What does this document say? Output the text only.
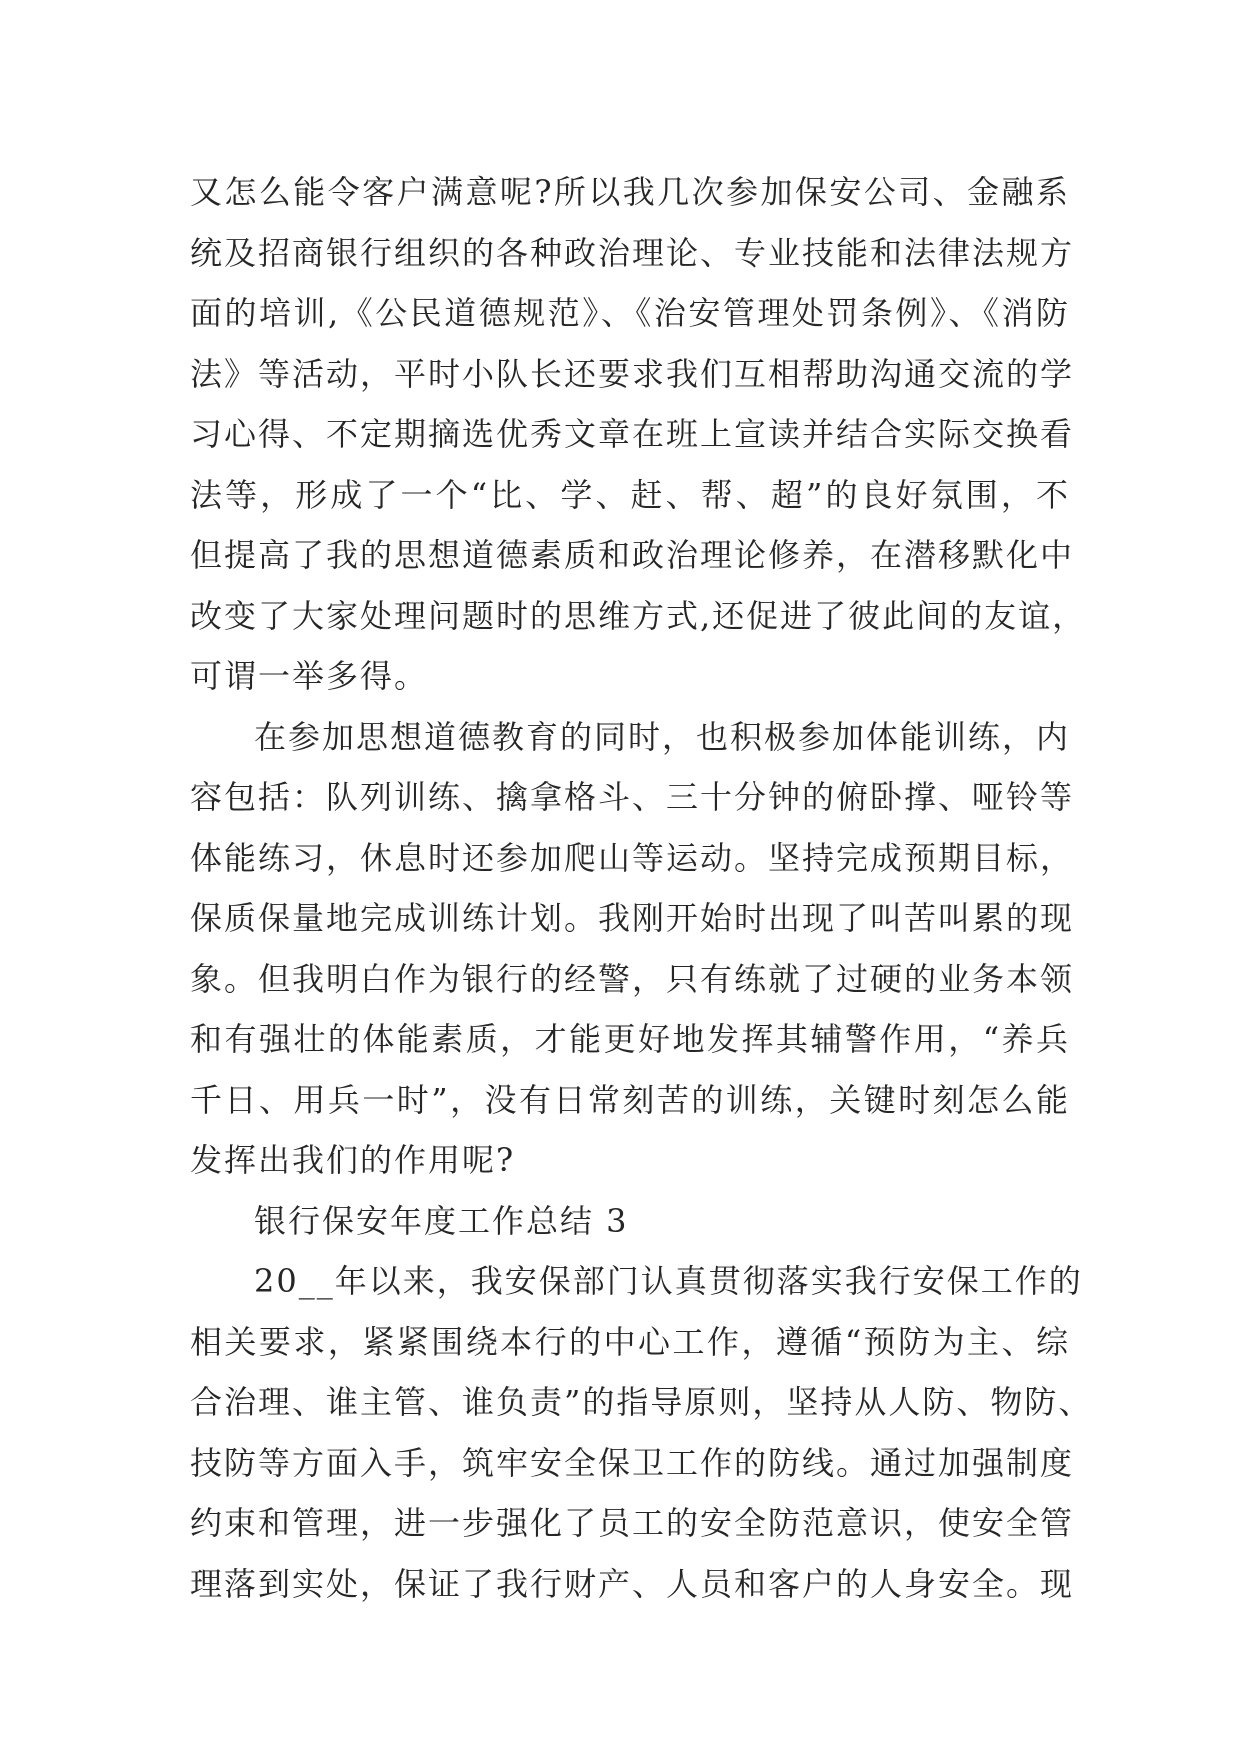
又怎么能令客户满意呢?所以我几次参加保安公司、金融系
统及招商银行组织的各种政治理论、专业技能和法律法规方
面的培训,《公民道德规范》、《治安管理处罚条例》、《消防
法》等活动，平时小队长还要求我们互相帮助沟通交流的学
习心得、不定期摘选优秀文章在班上宣读并结合实际交换看
法等，形成了一个“比、学、赶、帮、超”的良好氛围，不
但提高了我的思想道德素质和政治理论修养，在潜移默化中
改变了大家处理问题时的思维方式,还促进了彼此间的友谊，
可谓一举多得。
在参加思想道德教育的同时，也积极参加体能训练，内
容包括：队列训练、擒拿格斗、三十分钟的俯卧撑、哑铃等
体能练习，休息时还参加爬山等运动。坚持完成预期目标，
保质保量地完成训练计划。我刚开始时出现了叫苦叫累的现
象。但我明白作为银行的经警，只有练就了过硬的业务本领
和有强壮的体能素质，才能更好地发挥其辅警作用，“养兵
千日、用兵一时”，没有日常刻苦的训练，关键时刻怎么能
发挥出我们的作用呢?
银行保安年度工作总结 3
20__年以来，我安保部门认真贯彻落实我行安保工作的
相关要求，紧紧围绕本行的中心工作，遵循“预防为主、综
合治理、谁主管、谁负责”的指导原则，坚持从人防、物防、
技防等方面入手，筑牢安全保卫工作的防线。通过加强制度
约束和管理，进一步强化了员工的安全防范意识，使安全管
理落到实处，保证了我行财产、人员和客户的人身安全。现
